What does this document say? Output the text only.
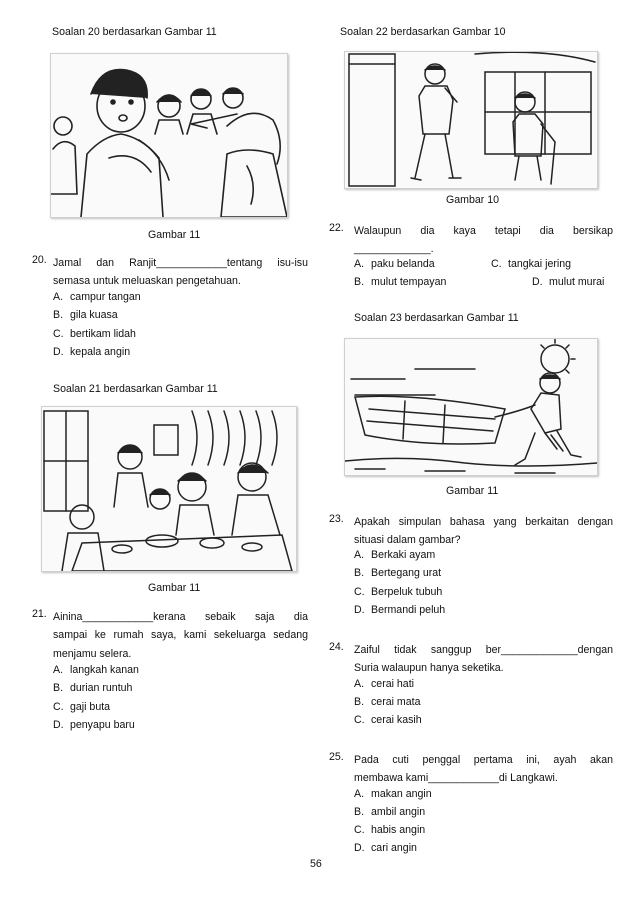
Soalan 20 berdasarkan Gambar 11
Gambar 11
20. Jamal dan Ranjit____________tentang isu-isu
semasa untuk meluaskan pengetahuan.
A. campur tangan
B. gila kuasa
C. bertikam lidah
D. kepala angin
Soalan 21 berdasarkan Gambar 11
Gambar 11
21. Ainina____________kerana sebaik saja dia
sampai ke rumah saya, kami sekeluarga sedang
menjamu selera.
A. langkah kanan
B. durian runtuh
C. gaji buta
D. penyapu baru
Soalan 22 berdasarkan Gambar 10
Gambar 10
22. Walaupun dia kaya tetapi dia bersikap
_____________.
A. paku belanda	C. tangkai jering
B. mulut tempayan	D. mulut murai
Soalan 23 berdasarkan Gambar 11
Gambar 11
23. Apakah simpulan bahasa yang berkaitan dengan
situasi dalam gambar?
A. Berkaki ayam
B. Bertegang urat
C. Berpeluk tubuh
D. Bermandi peluh
24. Zaiful tidak sanggup ber_____________dengan
Suria walaupun hanya seketika.
A. cerai hati
B. cerai mata
C. cerai kasih
25. Pada cuti penggal pertama ini, ayah akan
membawa kami____________di Langkawi.
A. makan angin
B. ambil angin
C. habis angin
D. cari angin
56
